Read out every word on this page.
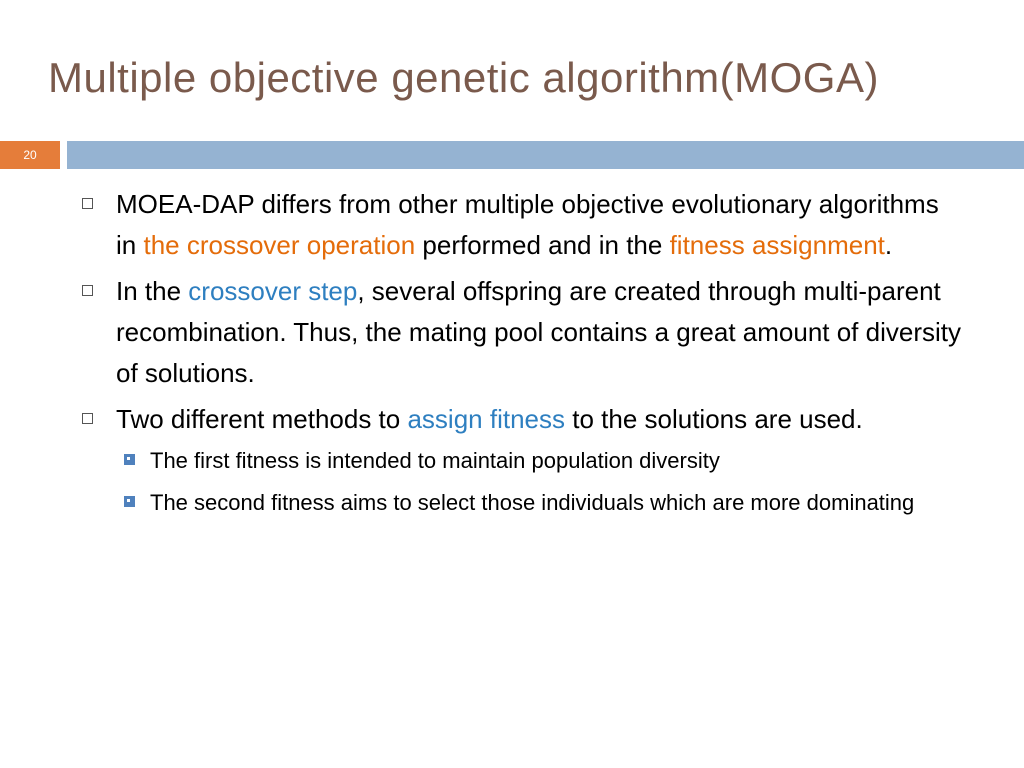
Multiple objective genetic algorithm(MOGA)
20
MOEA-DAP differs from other multiple objective evolutionary algorithms in the crossover operation performed and in the fitness assignment.
In the crossover step, several offspring are created through multi-parent recombination. Thus, the mating pool contains a great amount of diversity of solutions.
Two different methods to assign fitness to the solutions are used.
The first fitness is intended to maintain population diversity
The second fitness aims to select those individuals which are more dominating
